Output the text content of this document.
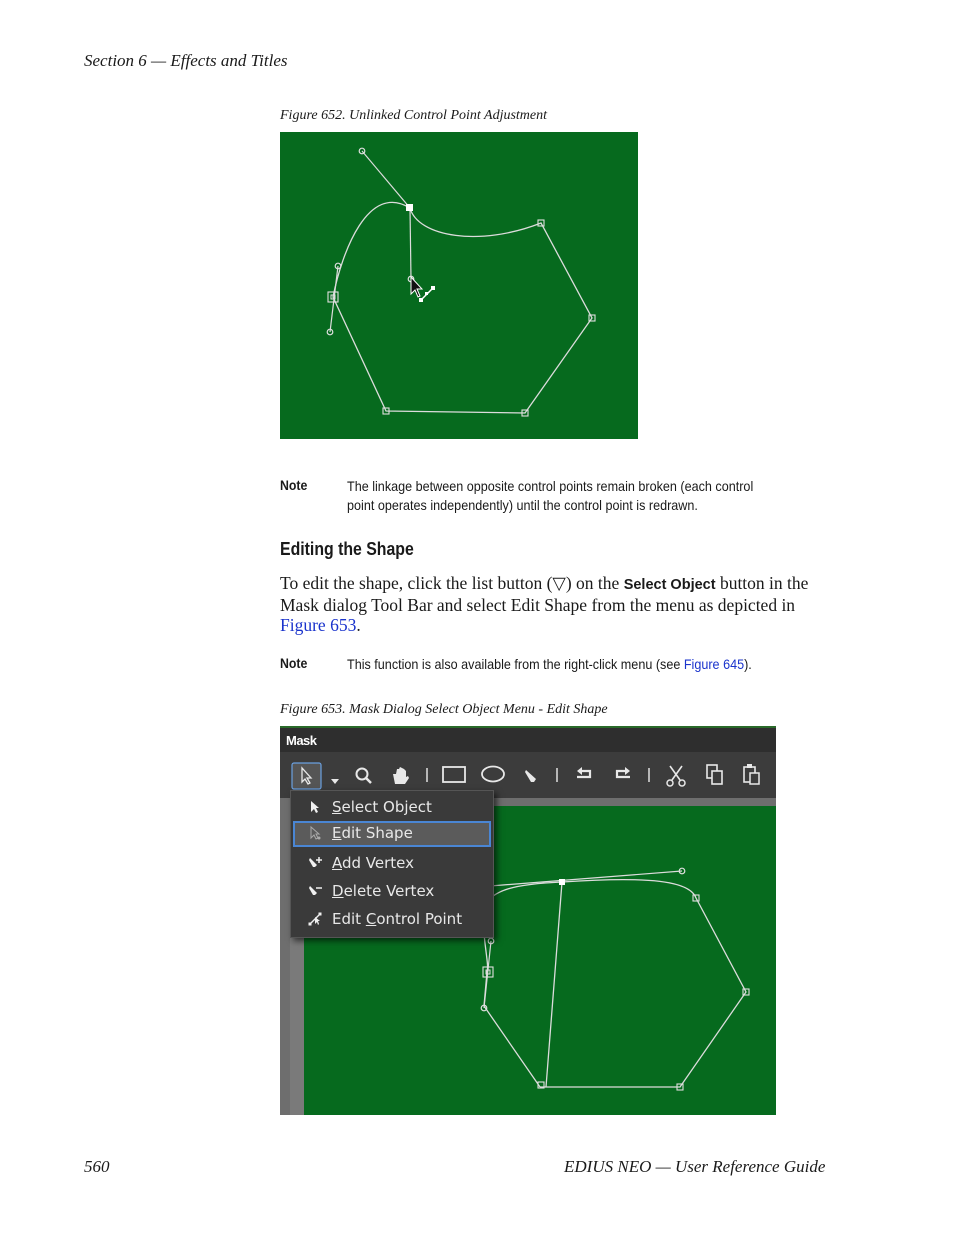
Section 6 — Effects and Titles
Figure 652. Unlinked Control Point Adjustment
Note	The linkage between opposite control points remain broken (each control
point operates independently) until the control point is redrawn.
Editing the Shape
To edit the shape, click the list button (▽) on the Select Object button in the Mask dialog Tool Bar and select Edit Shape from the menu as depicted in Figure 653.
Note	This function is also available from the right-click menu (see Figure 645).
Figure 653. Mask Dialog Select Object Menu - Edit Shape
Mask
Select Object
Edit Shape
Add Vertex
Delete Vertex
Edit Control Point
560	EDIUS NEO — User Reference Guide
